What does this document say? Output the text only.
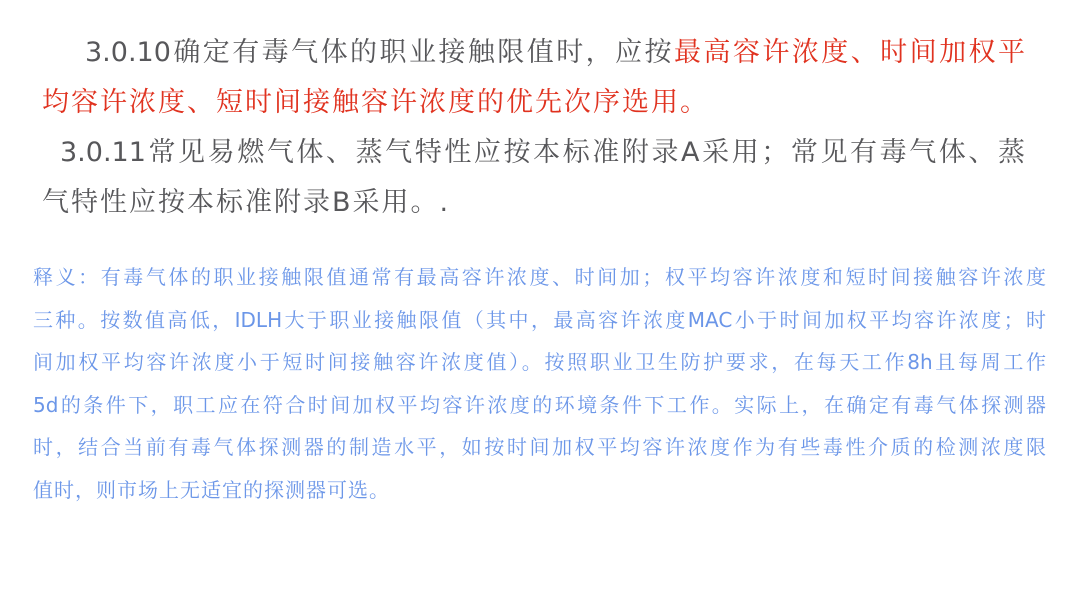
3.0.10确定有毒气体的职业接触限值时，应按最高容许浓度、时间加权平
均容许浓度、短时间接触容许浓度的优先次序选用。
3.0.11常见易燃气体、蒸气特性应按本标准附录A采用；常见有毒气体、蒸
气特性应按本标准附录B采用。.
释义：有毒气体的职业接触限值通常有最高容许浓度、时间加；权平均容许浓度和短时间接触容许浓度
三种。按数值高低，IDLH大于职业接触限值（其中，最高容许浓度MAC小于时间加权平均容许浓度；时
间加权平均容许浓度小于短时间接触容许浓度值）。按照职业卫生防护要求，在每天工作8h且每周工作
5d的条件下，职工应在符合时间加权平均容许浓度的环境条件下工作。实际上，在确定有毒气体探测器
时，结合当前有毒气体探测器的制造水平，如按时间加权平均容许浓度作为有些毒性介质的检测浓度限
值时，则市场上无适宜的探测器可选。
